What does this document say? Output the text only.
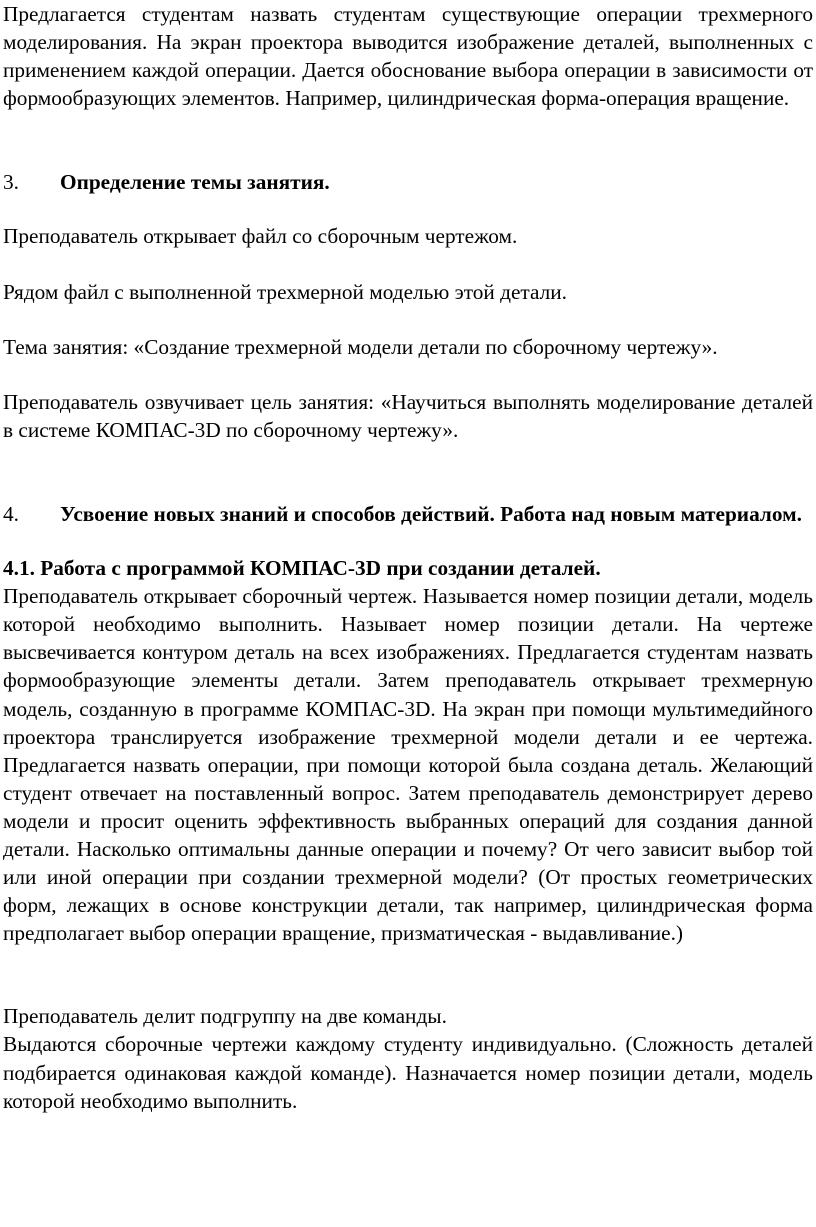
Предлагается студентам назвать студентам существующие операции трехмерного моделирования. На экран проектора выводится изображение деталей, выполненных с применением каждой операции. Дается обоснование выбора операции в зависимости от формообразующих элементов. Например, цилиндрическая форма-операция вращение.

3. Определение темы занятия.

Преподаватель открывает файл со сборочным чертежом.

Рядом файл с выполненной трехмерной моделью этой детали.

Тема занятия: «Создание трехмерной модели детали по сборочному чертежу».

Преподаватель озвучивает цель занятия: «Научиться выполнять моделирование деталей в системе КОМПАС-3D по сборочному чертежу».

4. Усвоение новых знаний и способов действий. Работа над новым материалом.

4.1. Работа с программой КОМПАС-3D при создании деталей.

Преподаватель открывает сборочный чертеж. Называется номер позиции детали, модель которой необходимо выполнить. Называет номер позиции детали. На чертеже высвечивается контуром деталь на всех изображениях. Предлагается студентам назвать формообразующие элементы детали. Затем преподаватель открывает трехмерную модель, созданную в программе КОМПАС-3D. На экран при помощи мультимедийного проектора транслируется изображение трехмерной модели детали и ее чертежа. Предлагается назвать операции, при помощи которой была создана деталь. Желающий студент отвечает на поставленный вопрос. Затем преподаватель демонстрирует дерево модели и просит оценить эффективность выбранных операций для создания данной детали. Насколько оптимальны данные операции и почему? От чего зависит выбор той или иной операции при создании трехмерной модели? (От простых геометрических форм, лежащих в основе конструкции детали, так например, цилиндрическая форма предполагает выбор операции вращение, призматическая - выдавливание.)

Преподаватель делит подгруппу на две команды.

Выдаются сборочные чертежи каждому студенту индивидуально. (Сложность деталей подбирается одинаковая каждой команде). Назначается номер позиции детали, модель которой необходимо выполнить.
